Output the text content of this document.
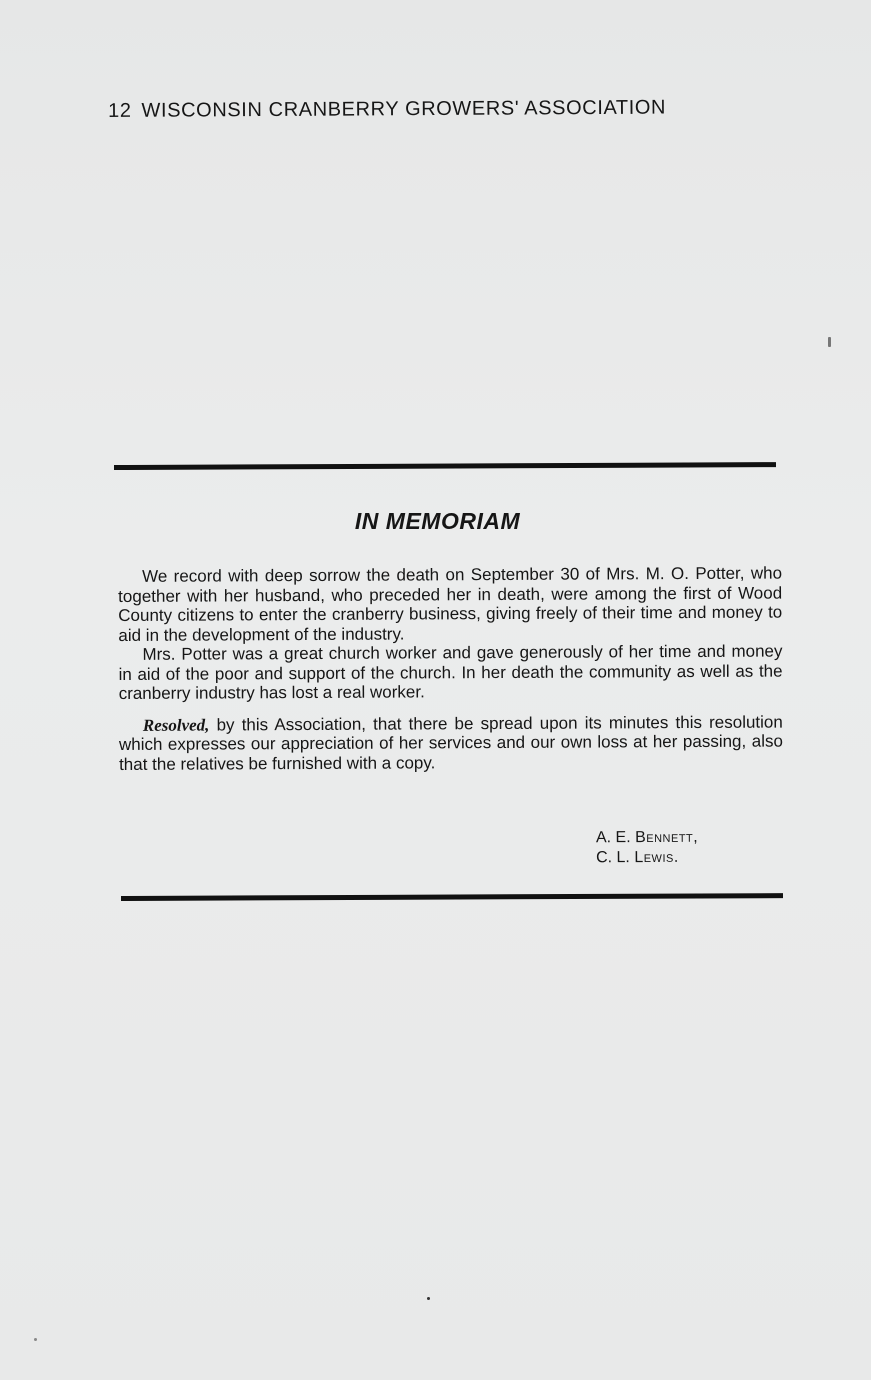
12 WISCONSIN CRANBERRY GROWERS' ASSOCIATION
IN MEMORIAM

We record with deep sorrow the death on September 30 of Mrs. M. O. Potter, who together with her husband, who preceded her in death, were among the first of Wood County citizens to enter the cranberry business, giving freely of their time and money to aid in the development of the industry.

Mrs. Potter was a great church worker and gave generously of her time and money in aid of the poor and support of the church. In her death the community as well as the cranberry industry has lost a real worker.

Resolved, by this Association, that there be spread upon its minutes this resolution which expresses our appreciation of her services and our own loss at her passing, also that the relatives be furnished with a copy.

A. E. Bennett,
C. L. Lewis.
